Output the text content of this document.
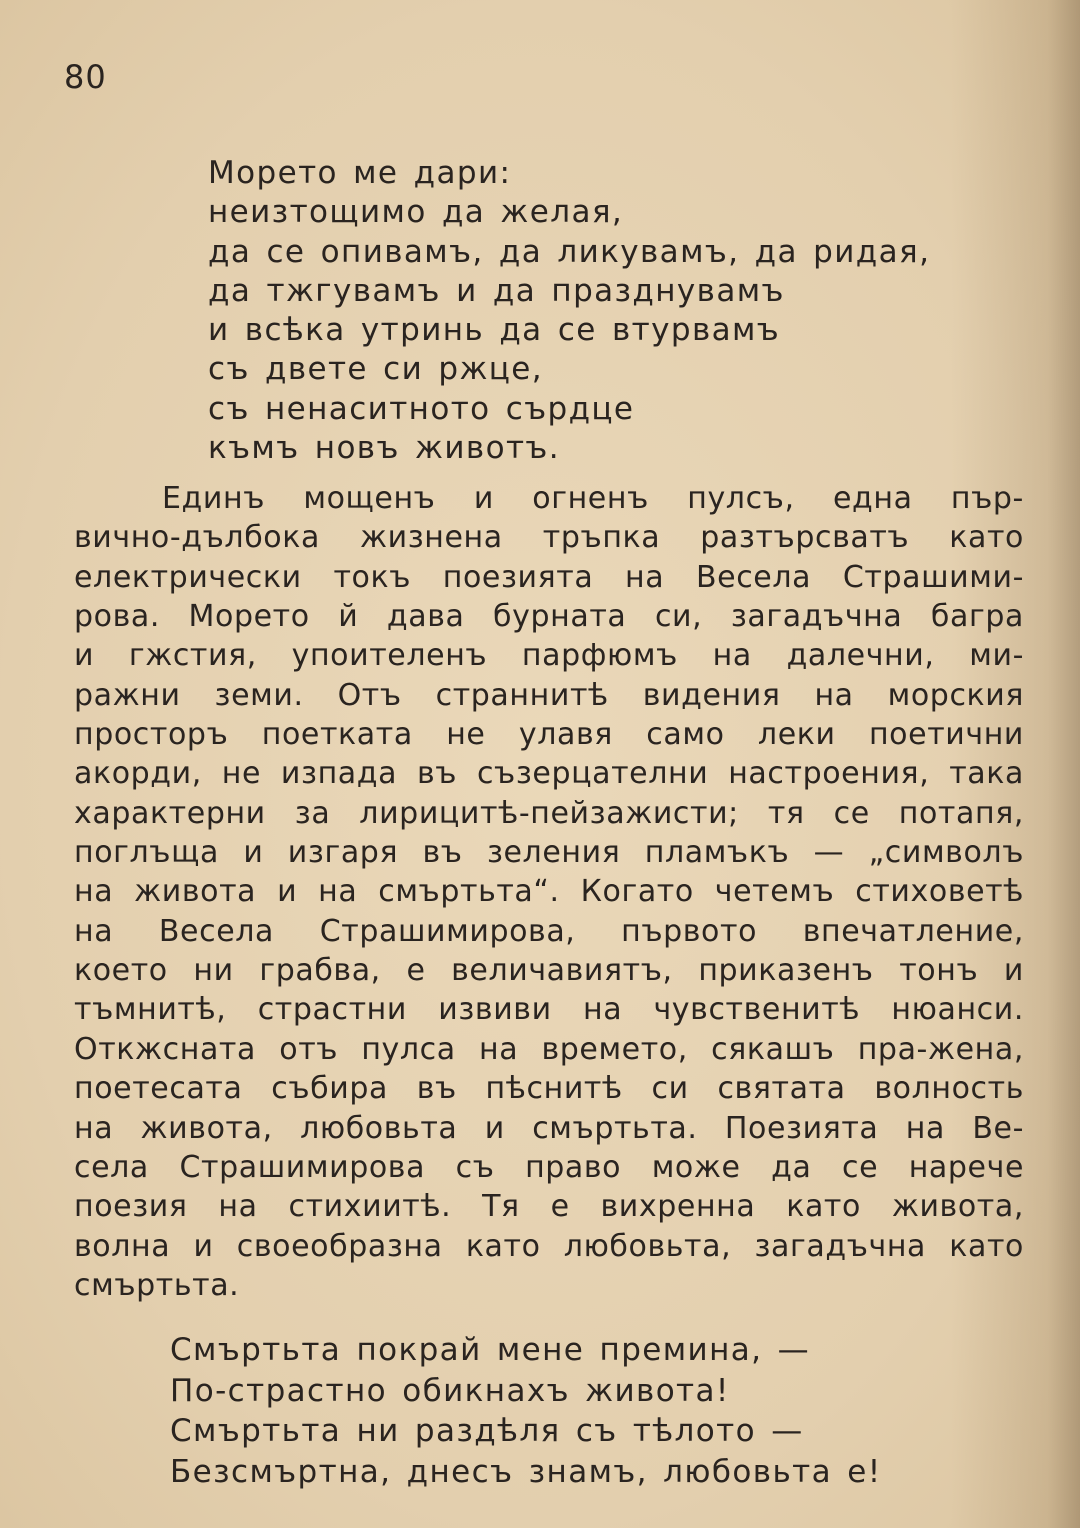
80
Морето ме дари:
неизтощимо да желая,
да се опивамъ, да ликувамъ, да ридая,
да тжгувамъ и да празднувамъ
и всѣка утринь да се втурвамъ
съ двете си ржце,
съ ненаситното сърдце
къмъ новъ животъ.
Единъ мощенъ и огненъ пулсъ, една пър-
вично-дълбока жизнена тръпка разтърсватъ като
електрически токъ поезията на Весела Страшими-
рова. Морето й дава бурната си, загадъчна багра
и гжстия, упоителенъ парфюмъ на далечни, ми-
ражни земи. Отъ страннитѣ видения на морския
просторъ поетката не улавя само леки поетични
акорди, не изпада въ съзерцателни настроения, така
характерни за лирицитѣ-пейзажисти; тя се потапя,
поглъща и изгаря въ зеления пламъкъ — „символъ
на живота и на смъртьта“. Когато четемъ стиховетѣ
на Весела Страшимирова, първото впечатление,
което ни грабва, е величавиятъ, приказенъ тонъ и
тъмнитѣ, страстни извиви на чувственитѣ нюанси.
Откжсната отъ пулса на времето, сякашъ пра-жена,
поетесата събира въ пѣснитѣ си святата волность
на живота, любовьта и смъртьта. Поезията на Ве-
села Страшимирова съ право може да се нарече
поезия на стихиитѣ. Тя е вихренна като живота,
волна и своеобразна като любовьта, загадъчна като
смъртьта.
Смъртьта покрай мене премина, —
По-страстно обикнахъ живота!
Смъртьта ни раздѣля съ тѣлото —
Безсмъртна, днесъ знамъ, любовьта е!
